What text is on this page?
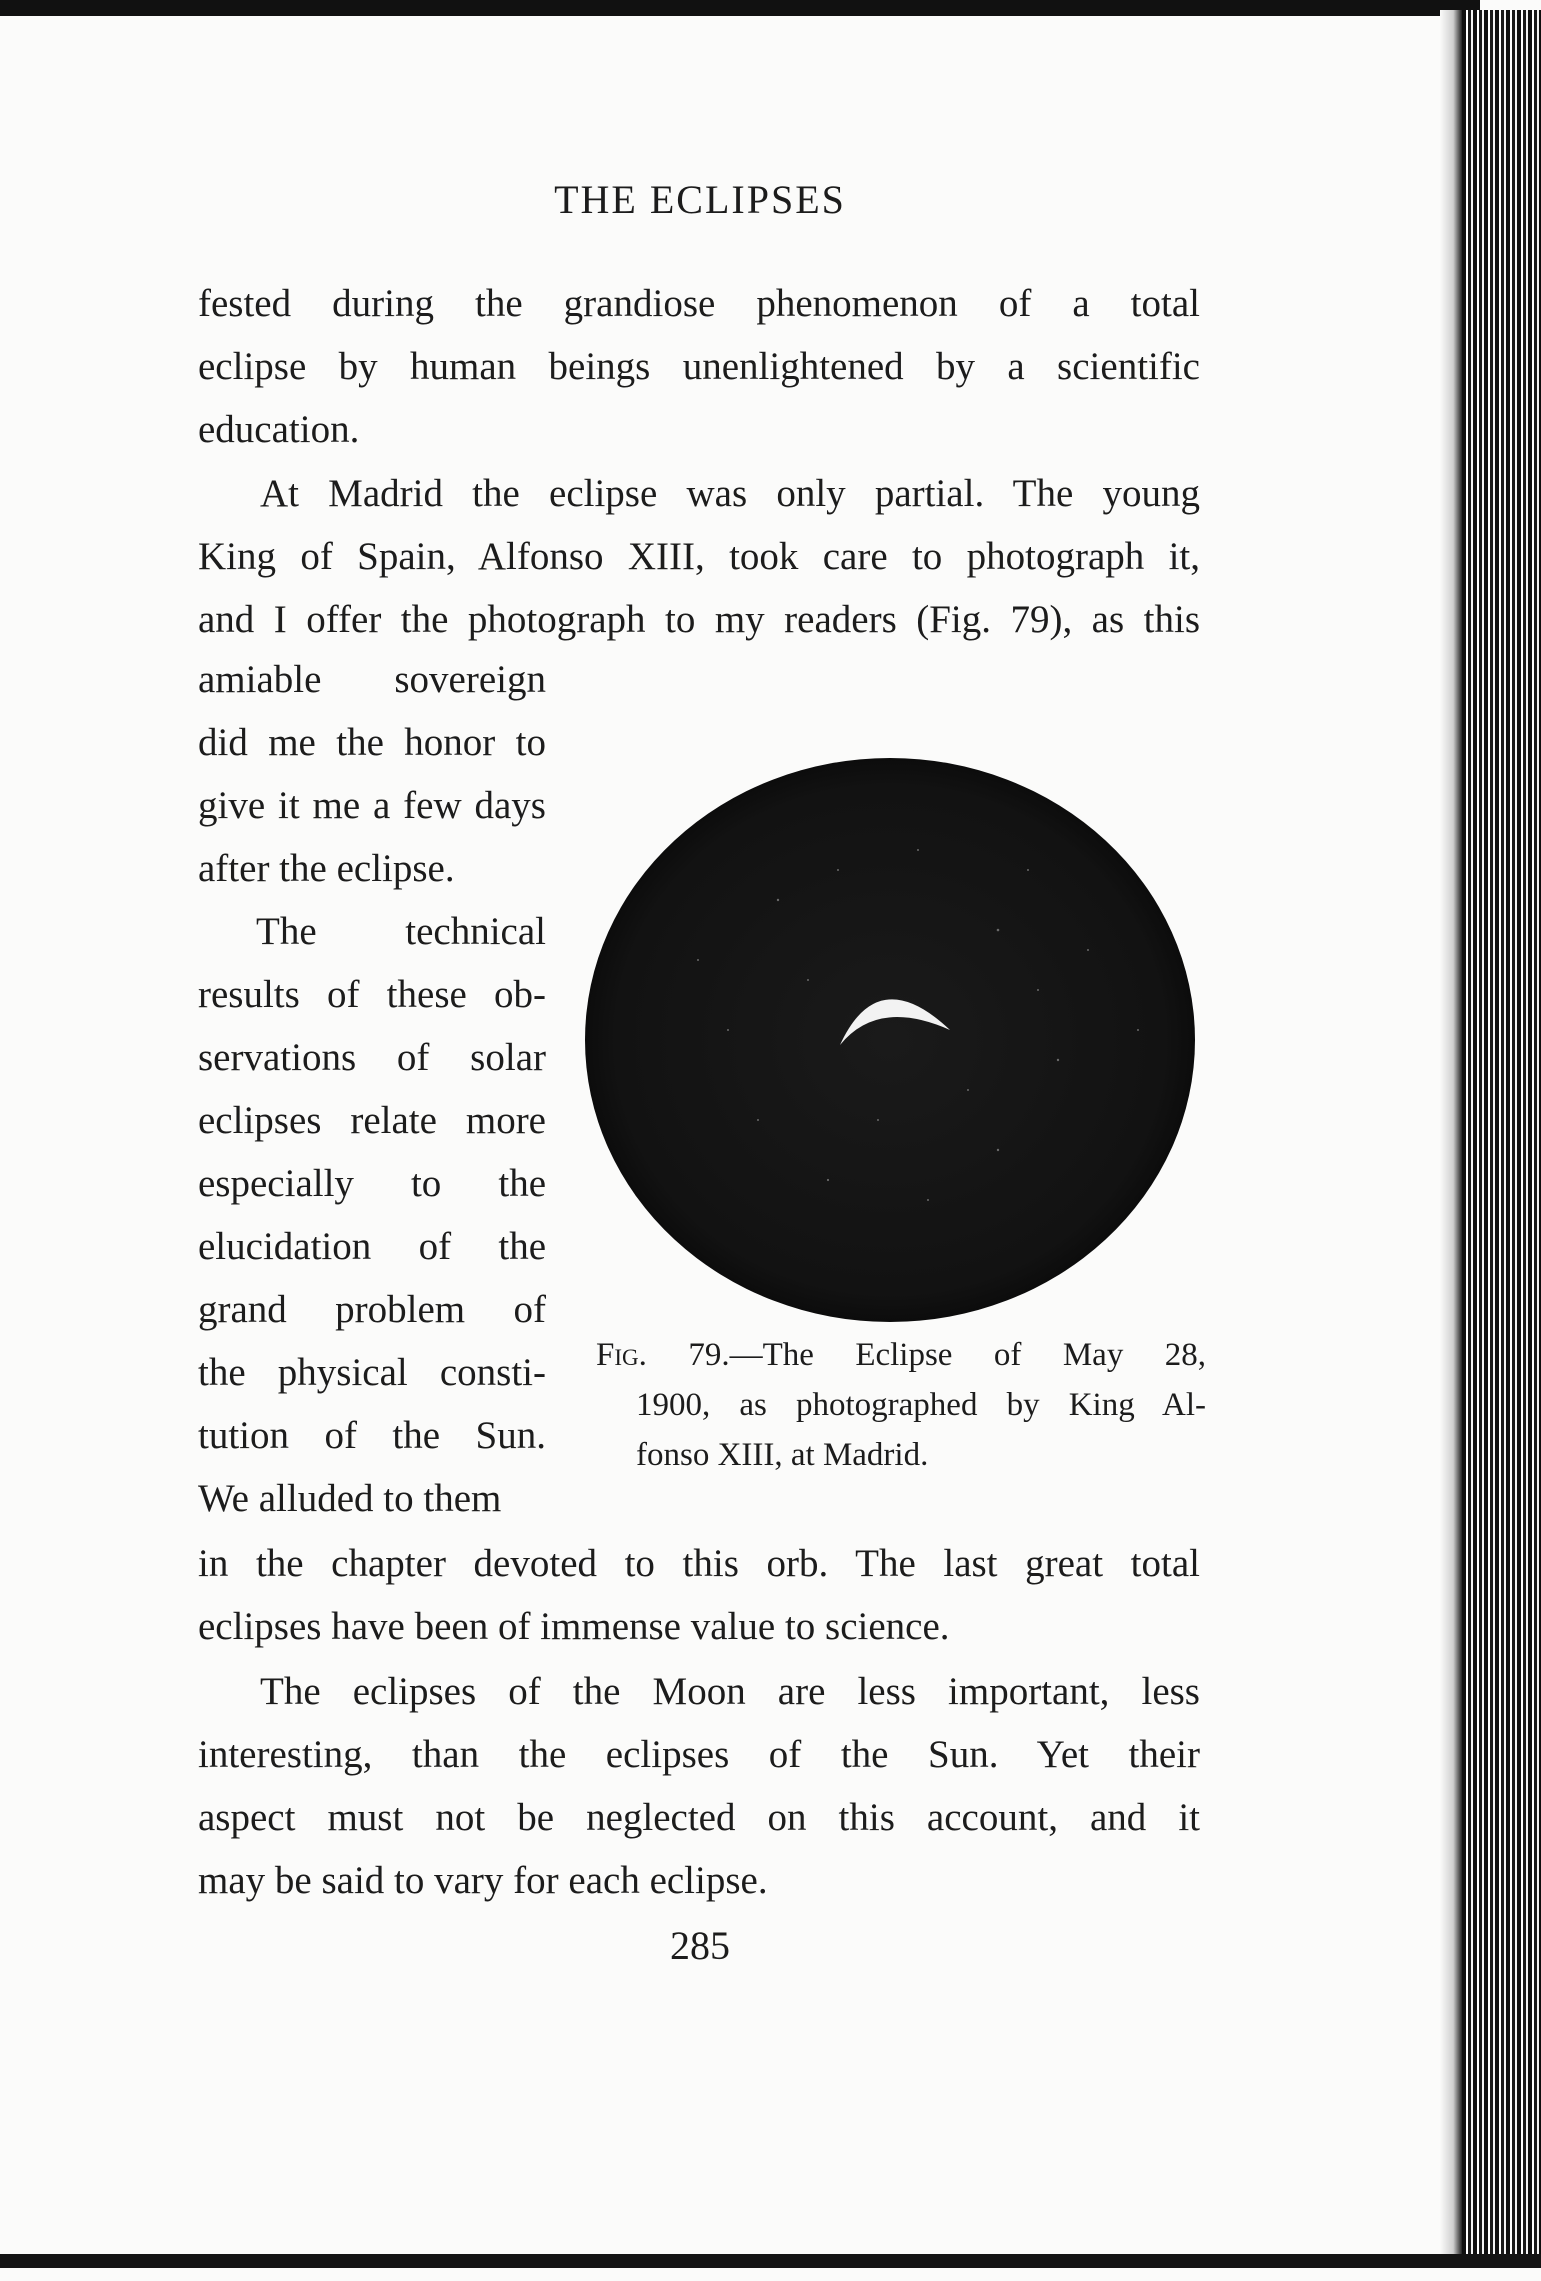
THE ECLIPSES
fested during the grandiose phenomenon of a total
eclipse by human beings unenlightened by a scientific
education.
At Madrid the eclipse was only partial. The young
King of Spain, Alfonso XIII, took care to photograph it,
and I offer the photograph to my readers (Fig. 79), as this
amiable sovereign
did me the honor to
give it me a few days
after the eclipse.
The technical
results of these ob-
servations of solar
eclipses relate more
especially to the
elucidation of the
grand problem of
the physical consti-
tution of the Sun.
We alluded to them
Fig. 79.—The Eclipse of May 28,
1900, as photographed by King Al-
fonso XIII, at Madrid.
in the chapter devoted to this orb. The last great total
eclipses have been of immense value to science.
The eclipses of the Moon are less important, less
interesting, than the eclipses of the Sun. Yet their
aspect must not be neglected on this account, and it
may be said to vary for each eclipse.
285
